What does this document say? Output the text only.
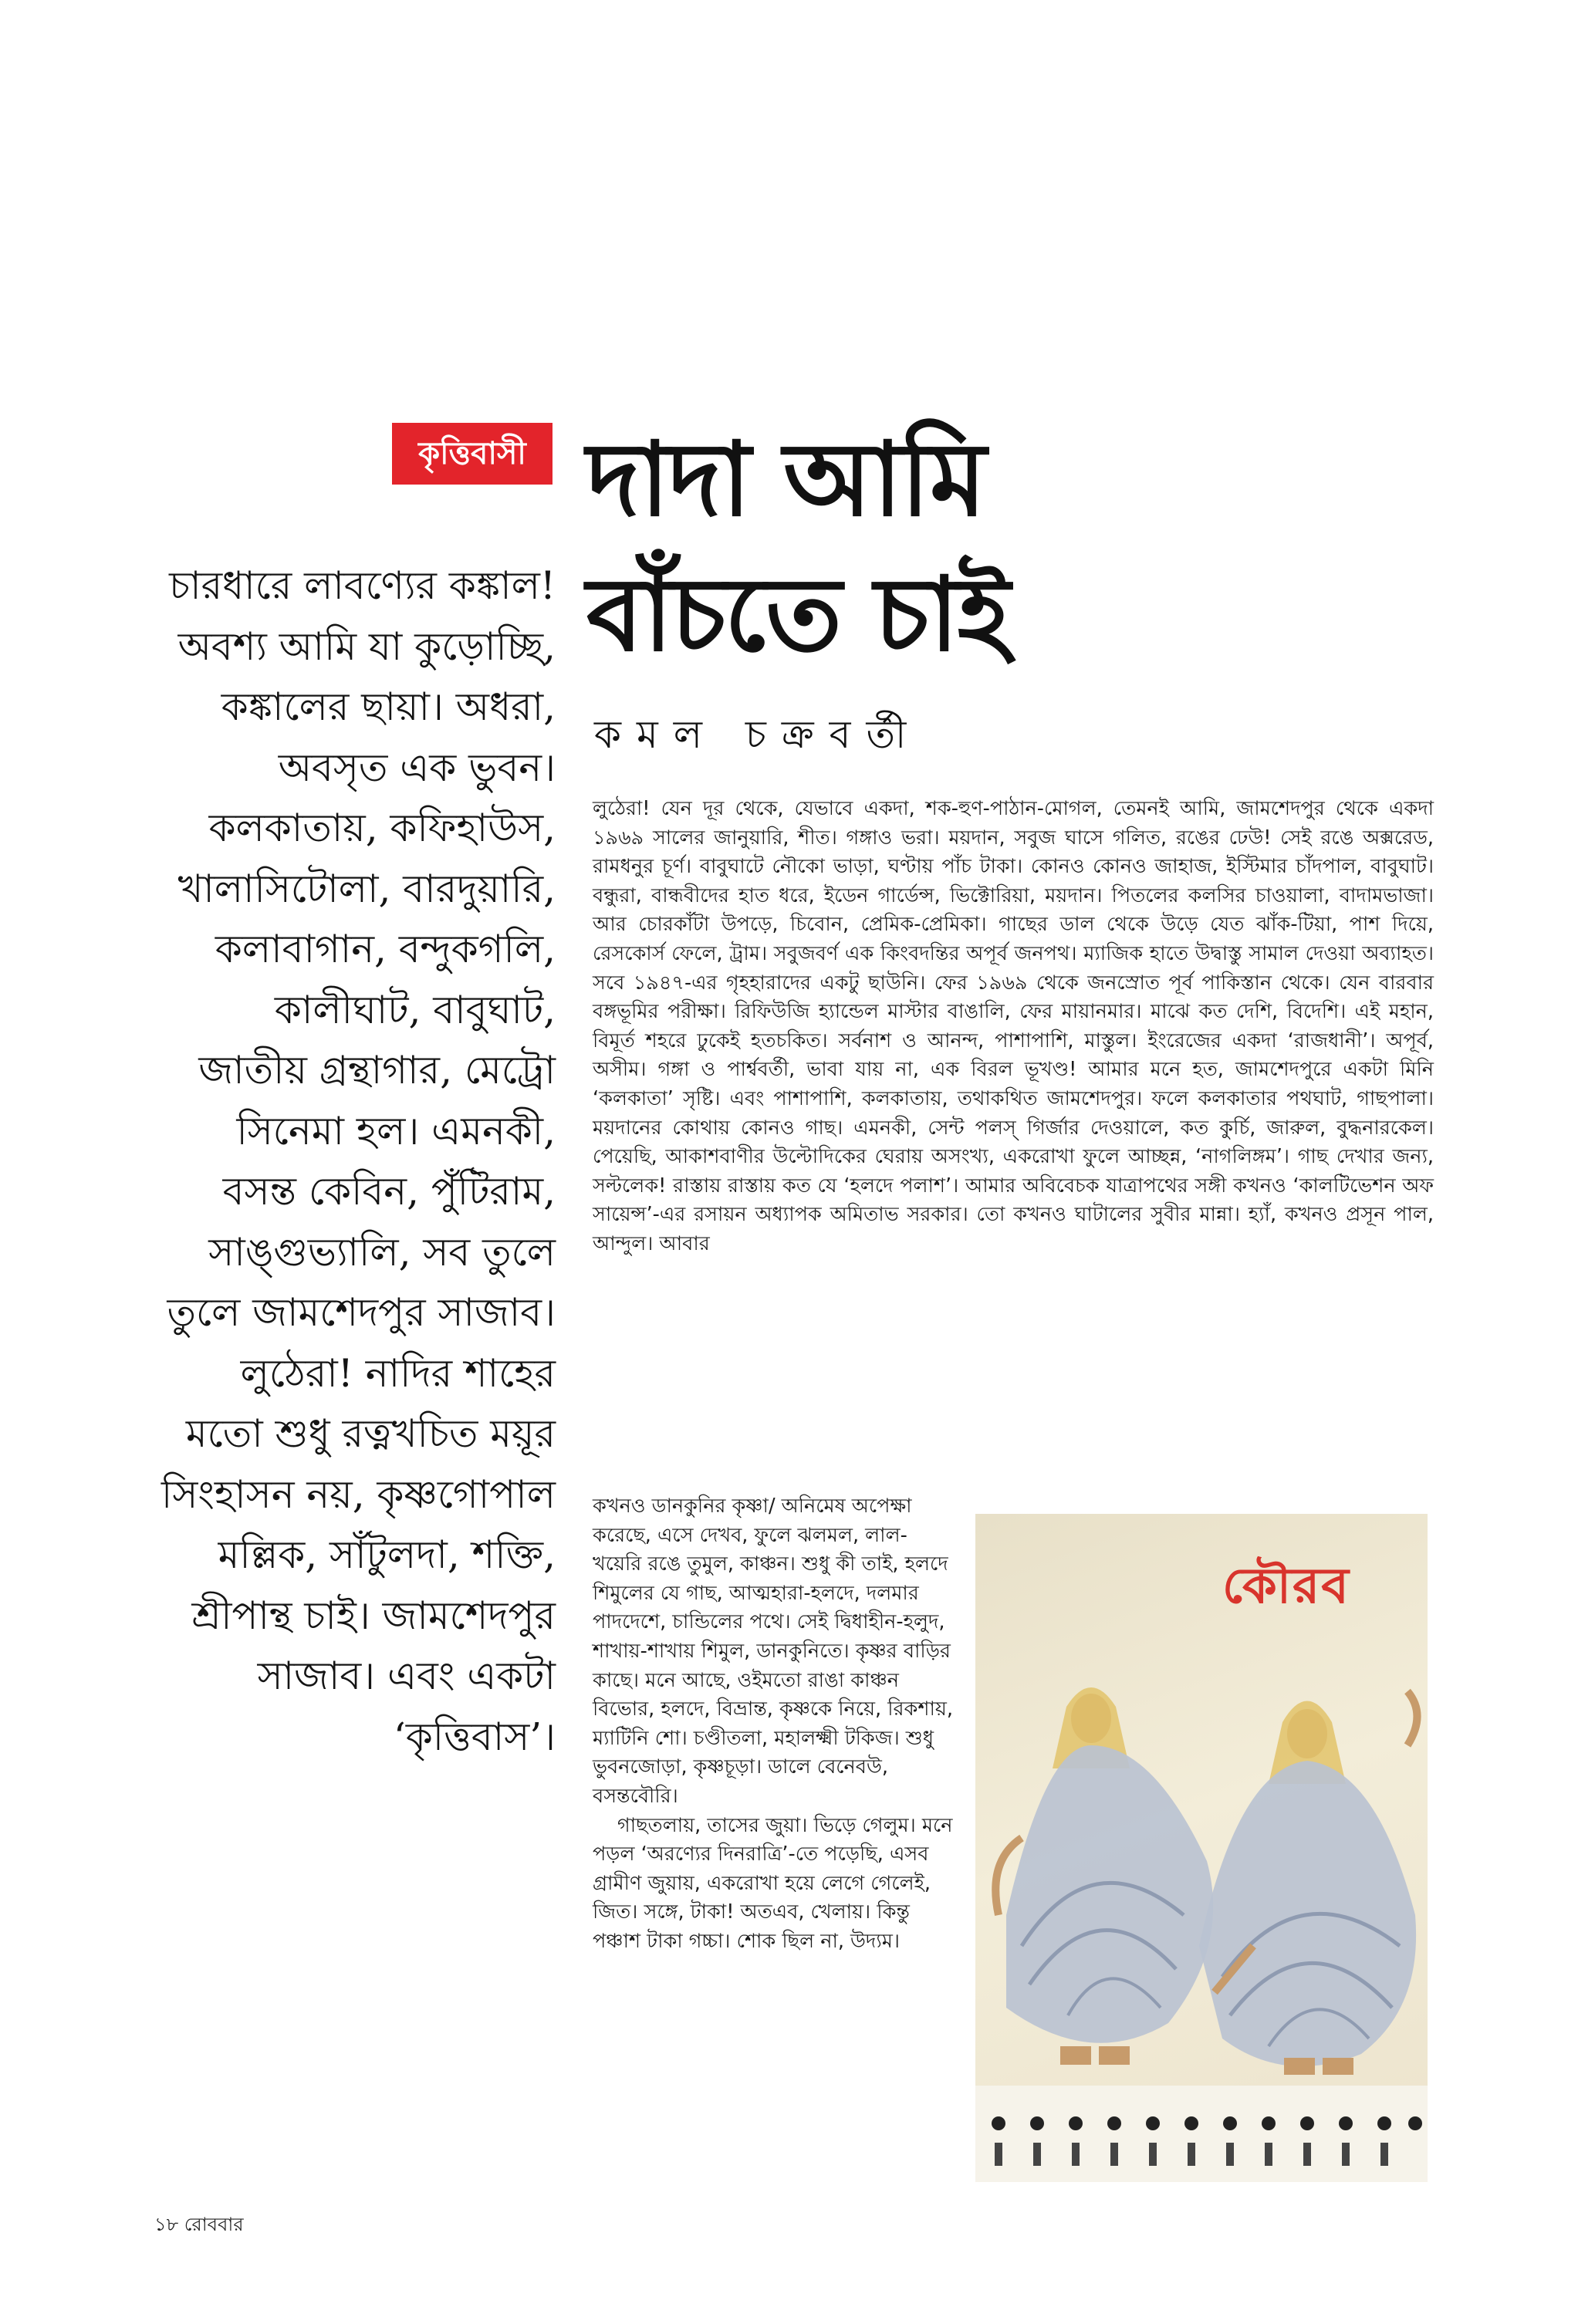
কৃত্তিবাসী দাদা আমি
বাঁচতে চাই
কমল চক্রবর্তী
চারধারে লাবণ্যের কঙ্কাল! অবশ্য আমি যা কুড়োচ্ছি, কঙ্কালের ছায়া। অধরা, অবসৃত এক ভুবন। কলকাতায়, কফিহাউস, খালাসিটোলা, বারদুয়ারি, কলাবাগান, বন্দুকগলি, কালীঘাট, বাবুঘাট, জাতীয় গ্রন্থাগার, মেট্রো সিনেমা হল। এমনকী, বসন্ত কেবিন, পুঁটিরাম, সাঙ্গুভ্যালি, সব তুলে তুলে জামশেদপুর সাজাব। লুঠেরা! নাদির শাহের মতো শুধু রত্নখচিত ময়ূর সিংহাসন নয়, কৃষ্ণগোপাল মল্লিক, সাঁটুলদা, শক্তি, শ্রীপান্থ চাই। জামশেদপুর সাজাব। এবং একটা ‘কৃত্তিবাস’।

লুঠেরা! যেন দূর থেকে, যেভাবে একদা, শক-হুণ-পাঠান-মোগল, তেমনই আমি, জামশেদপুর থেকে একদা ১৯৬৯ সালের জানুয়ারি, শীত। গঙ্গাও ভরা। ময়দান, সবুজ ঘাসে গলিত, রঙের ঢেউ! সেই রঙে অক্সরেড, রামধনুর চূর্ণ। বাবুঘাটে নৌকো ভাড়া, ঘণ্টায় পাঁচ টাকা। কোনও কোনও জাহাজ, ইস্টিমার চাঁদপাল, বাবুঘাট। বন্ধুরা, বান্ধবীদের হাত ধরে, ইডেন গার্ডেন্স, ভিক্টোরিয়া, ময়দান। পিতলের কলসির চাওয়ালা, বাদামভাজা। আর চোরকাঁটা উপড়ে, চিবোন, প্রেমিক-প্রেমিকা। গাছের ডাল থেকে উড়ে যেত ঝাঁক-টিয়া, পাশ দিয়ে, রেসকোর্স ফেলে, ট্রাম। সবুজবর্ণ এক কিংবদন্তির অপূর্ব জনপথ। ম্যাজিক হাতে উদ্বাস্তু সামাল দেওয়া অব্যাহত। সবে ১৯৪৭-এর গৃহহারাদের একটু ছাউনি। ফের ১৯৬৯ থেকে জনস্রোত পূর্ব পাকিস্তান থেকে। যেন বারবার বঙ্গভূমির পরীক্ষা। রিফিউজি হ্যান্ডেল মাস্টার বাঙালি, ফের মায়ানমার। মাঝে কত দেশি, বিদেশি। এই মহান, বিমূর্ত শহরে ঢুকেই হতচকিত। সর্বনাশ ও আনন্দ, পাশাপাশি, মাস্তুল। ইংরেজের একদা ‘রাজধানী’। অপূর্ব, অসীম। গঙ্গা ও পার্শ্ববর্তী, ভাবা যায় না, এক বিরল ভূখণ্ড! আমার মনে হত, জামশেদপুরে একটা মিনি ‘কলকাতা’ সৃষ্টি। এবং পাশাপাশি, কলকাতায়, তথাকথিত জামশেদপুর। ফলে কলকাতার পথঘাট, গাছপালা। ময়দানের কোথায় কোনও গাছ। এমনকী, সেন্ট পলস্ গির্জার দেওয়ালে, কত কুর্চি, জারুল, বুদ্ধনারকেল। পেয়েছি, আকাশবাণীর উল্টোদিকের ঘেরায় অসংখ্য, একরোখা ফুলে আচ্ছন্ন, ‘নাগলিঙ্গম’। গাছ দেখার জন্য, সল্টলেক! রাস্তায় রাস্তায় কত যে ‘হলদে পলাশ’। আমার অবিবেচক যাত্রাপথের সঙ্গী কখনও ‘কালটিভেশন অফ সায়েন্স’-এর রসায়ন অধ্যাপক অমিতাভ সরকার। তো কখনও ঘাটালের সুবীর মান্না। হ্যাঁ, কখনও প্রসূন পাল, আন্দুল। আবার

কখনও ডানকুনির কৃষ্ণা/ অনিমেষ অপেক্ষা করেছে, এসে দেখব, ফুলে ঝলমল, লাল-খয়েরি রঙে তুমুল, কাঞ্চন। শুধু কী তাই, হলদে শিমুলের যে গাছ, আত্মহারা-হলদে, দলমার পাদদেশে, চান্ডিলের পথে। সেই দ্বিধাহীন-হলুদ, শাখায়-শাখায় শিমুল, ডানকুনিতে। কৃষ্ণর বাড়ির কাছে। মনে আছে, ওইমতো রাঙা কাঞ্চন বিভোর, হলদে, বিভ্রান্ত, কৃষ্ণকে নিয়ে, রিকশায়, ম্যাটিনি শো। চণ্ডীতলা, মহালক্ষ্মী টকিজ। শুধু ভুবনজোড়া, কৃষ্ণচূড়া। ডালে বেনেবউ, বসন্তবৌরি।

গাছতলায়, তাসের জুয়া। ভিড়ে গেলুম। মনে পড়ল ‘অরণ্যের দিনরাত্রি’-তে পড়েছি, এসব গ্রামীণ জুয়ায়, একরোখা হয়ে লেগে গেলেই, জিত। সঙ্গে, টাকা! অতএব, খেলায়। কিন্তু পঞ্চাশ টাকা গচ্চা। শোক ছিল না, উদ্যম।

কৌরব
১৮ রোববার
